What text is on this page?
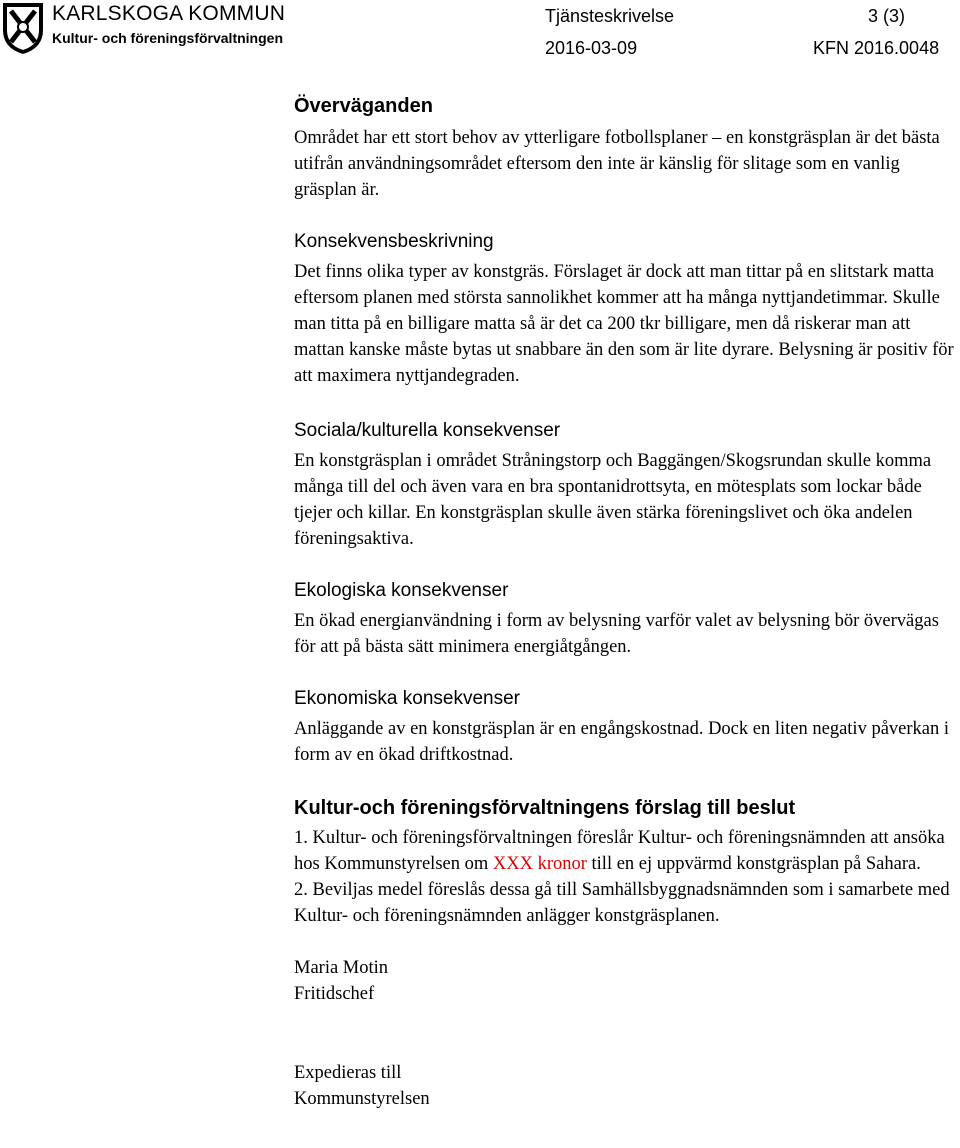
KARLSKOGA KOMMUN
Kultur- och föreningsförvaltningen
Tjänsteskrivelse	3 (3)
2016-03-09	KFN 2016.0048
Överväganden

Området har ett stort behov av ytterligare fotbollsplaner – en konstgräsplan är det bästa utifrån användningsområdet eftersom den inte är känslig för slitage som en vanlig gräsplan är.

Konsekvensbeskrivning

Det finns olika typer av konstgräs. Förslaget är dock att man tittar på en slitstark matta eftersom planen med största sannolikhet kommer att ha många nyttjandetimmar. Skulle man titta på en billigare matta så är det ca 200 tkr billigare, men då riskerar man att mattan kanske måste bytas ut snabbare än den som är lite dyrare. Belysning är positiv för att maximera nyttjandegraden.

Sociala/kulturella konsekvenser

En konstgräsplan i området Stråningstorp och Baggängen/Skogsrundan skulle komma många till del och även vara en bra spontanidrottsyta, en mötesplats som lockar både tjejer och killar. En konstgräsplan skulle även stärka föreningslivet och öka andelen föreningsaktiva.

Ekologiska konsekvenser

En ökad energianvändning i form av belysning varför valet av belysning bör övervägas för att på bästa sätt minimera energiåtgången.

Ekonomiska konsekvenser

Anläggande av en konstgräsplan är en engångskostnad. Dock en liten negativ påverkan i form av en ökad driftkostnad.

Kultur-och föreningsförvaltningens förslag till beslut

1. Kultur- och föreningsförvaltningen föreslår Kultur- och föreningsnämnden att ansöka hos Kommunstyrelsen om XXX kronor till en ej uppvärmd konstgräsplan på Sahara.

2. Beviljas medel föreslås dessa gå till Samhällsbyggnadsnämnden som i samarbete med Kultur- och föreningsnämnden anlägger konstgräsplanen.

Maria Motin

Fritidschef

Expedieras till

Kommunstyrelsen
